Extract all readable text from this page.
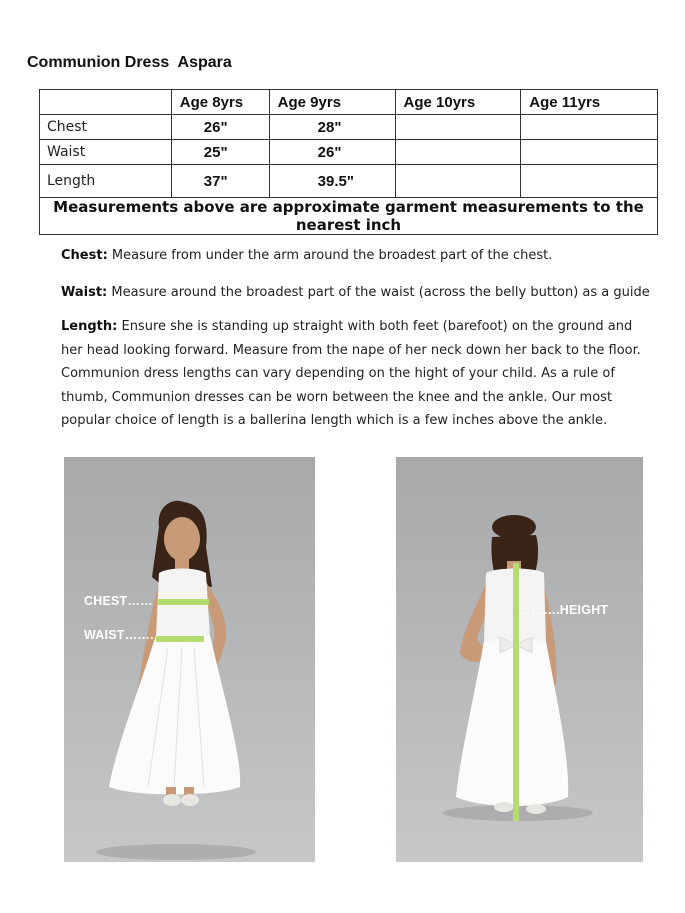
Communion Dress  Aspara
	Age 8yrs	Age 9yrs	Age 10yrs	Age 11yrs
Chest	26"	28"		
Waist	25"	26"		
Length	37"	39.5"		
Measurements above are approximate garment measurements to the nearest inch				
Chest: Measure from under the arm around the broadest part of the chest.
Waist: Measure around the broadest part of the waist (across the belly button) as a guide
Length: Ensure she is standing up straight with both feet (barefoot) on the ground and her head looking forward. Measure from the nape of her neck down her back to the floor. Communion dress lengths can vary depending on the hight of your child. As a rule of thumb, Communion dresses can be worn between the knee and the ankle. Our most popular choice of length is a ballerina length which is a few inches above the ankle.
CHEST……
WAIST…….
……….HEIGHT
